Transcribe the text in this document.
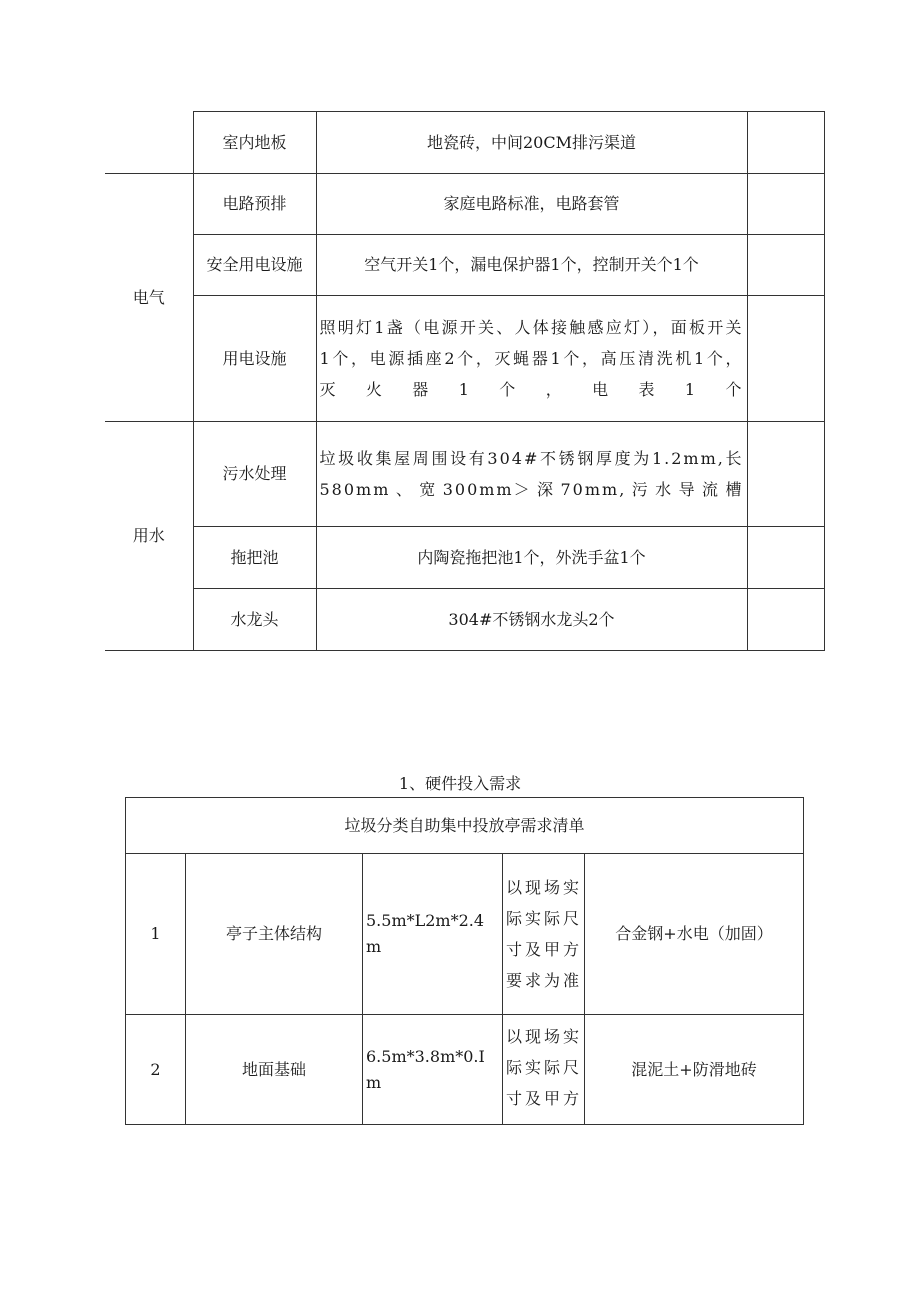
	室内地板	地瓷砖，中间20CM排污渠道	
电气	电路预排	家庭电路标准，电路套管	
	安全用电设施	空气开关1个，漏电保护器1个，控制开关个1个	
	用电设施	照明灯1盏（电源开关、人体接触感应灯），面板开关1个，电源插座2个，灭蝇器1个，高压清洗机1个，灭火器1个，电表1个	
用水	污水处理	垃圾收集屋周围设有304#不锈钢厚度为1.2mm,长580mm、宽300mm＞深70mm,污水导流槽	
	拖把池	内陶瓷拖把池1个，外洗手盆1个	
	水龙头	304#不锈钢水龙头2个	
1、硬件投入需求
垃圾分类自助集中投放亭需求清单				
1	亭子主体结构	5.5m*L2m*2.4m	以现场实际实际尺寸及甲方要求为准	合金钢+水电（加固）
2	地面基础	6.5m*3.8m*0.Im	以现场实际实际尺寸及甲方	混泥土+防滑地砖
